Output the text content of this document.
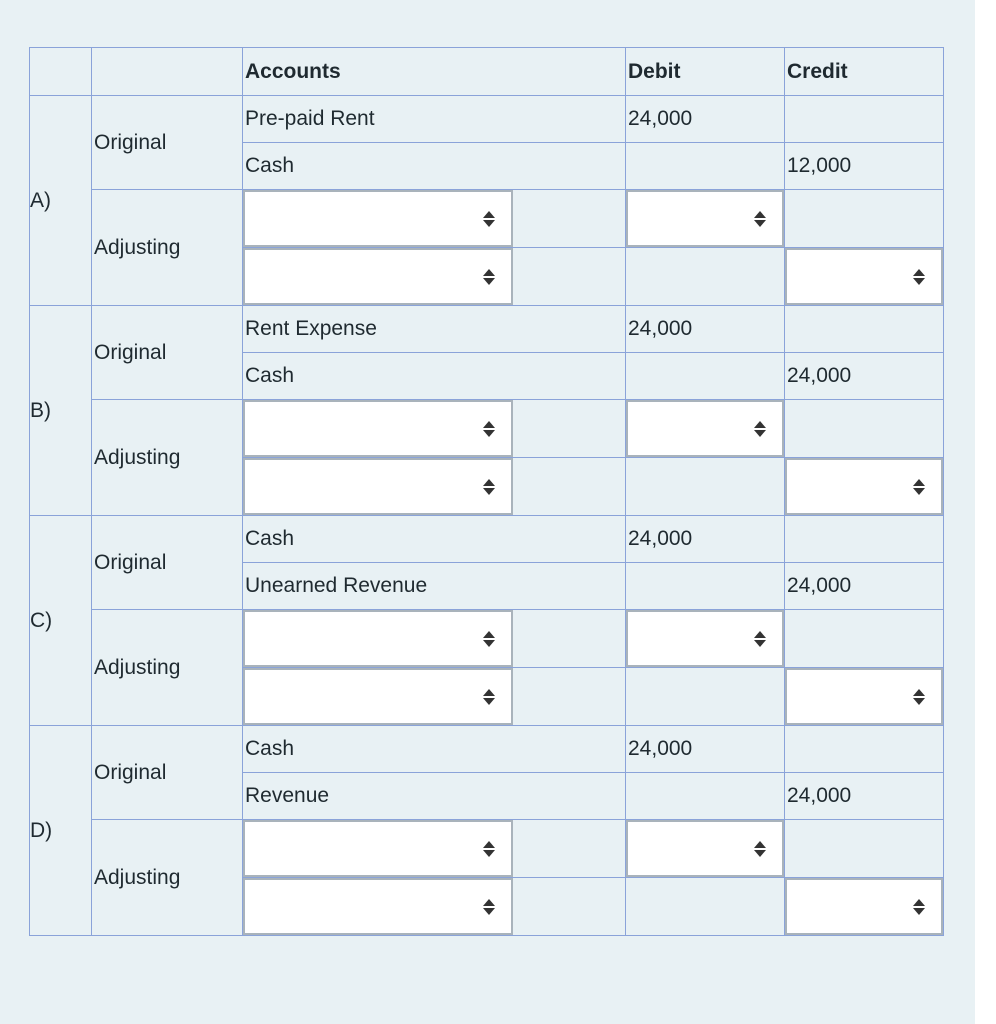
		Accounts	Debit	Credit
A)	Original	Pre-paid Rent	24,000	
		Cash		12,000
	Adjusting	

B)	Original	Rent Expense	24,000	
		Cash		24,000
	Adjusting	

C)	Original	Cash	24,000	
		Unearned Revenue		24,000
	Adjusting	

D)	Original	Cash	24,000	
		Revenue		24,000
	Adjusting	
